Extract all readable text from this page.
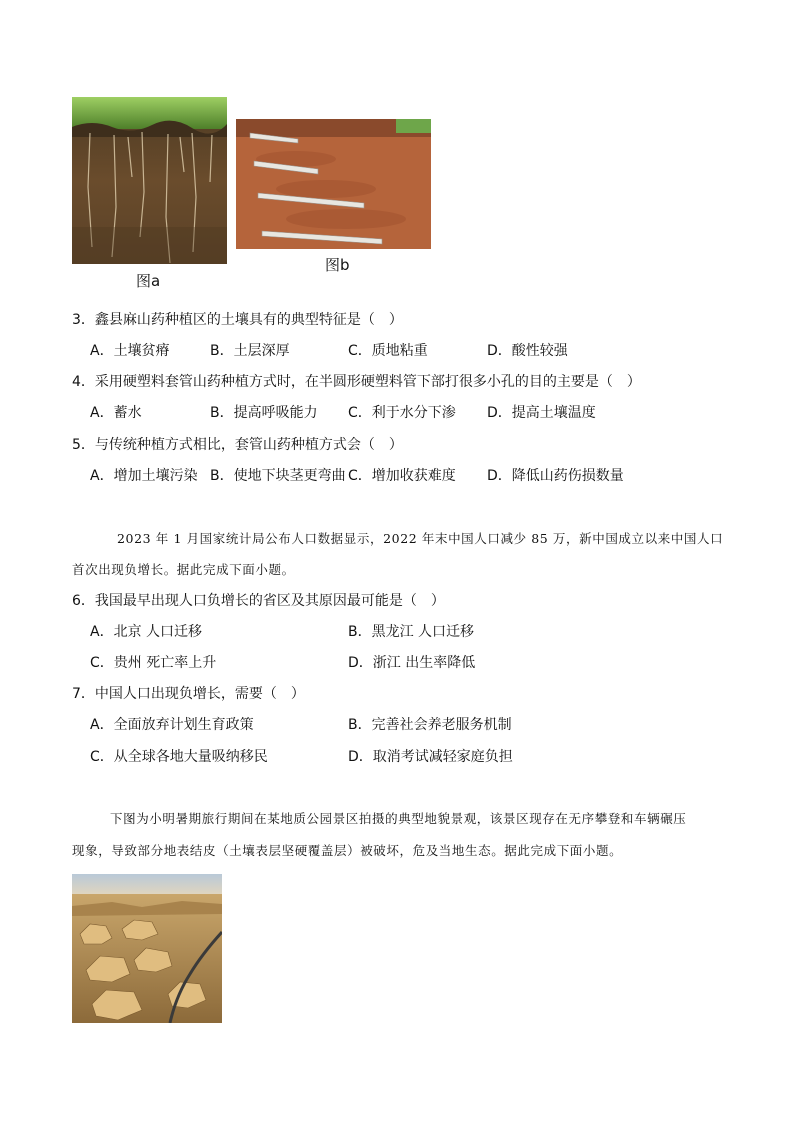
图a
图b
3．鑫县麻山药种植区的土壤具有的典型特征是（　）
A．土壤贫瘠	B．土层深厚	C．质地粘重	D．酸性较强
4．采用硬塑料套管山药种植方式时，在半圆形硬塑料管下部打很多小孔的目的主要是（　）
A．蓄水	B．提高呼吸能力 C．利于水分下渗 D．提高土壤温度
5．与传统种植方式相比，套管山药种植方式会（　）
A．增加土壤污染 B．使地下块茎更弯曲 C．增加收获难度 D．降低山药伤损数量
2023 年 1 月国家统计局公布人口数据显示，2022 年末中国人口减少 85 万，新中国成立以来中国人口
首次出现负增长。据此完成下面小题。
6．我国最早出现人口负增长的省区及其原因最可能是（　）
A．北京 人口迁移	B．黑龙江 人口迁移
C．贵州 死亡率上升	D．浙江 出生率降低
7．中国人口出现负增长，需要（　）
A．全面放弃计划生育政策	B．完善社会养老服务机制
C．从全球各地大量吸纳移民	D．取消考试减轻家庭负担
下图为小明暑期旅行期间在某地质公园景区拍摄的典型地貌景观，该景区现存在无序攀登和车辆碾压
现象，导致部分地表结皮（土壤表层坚硬覆盖层）被破坏，危及当地生态。据此完成下面小题。
